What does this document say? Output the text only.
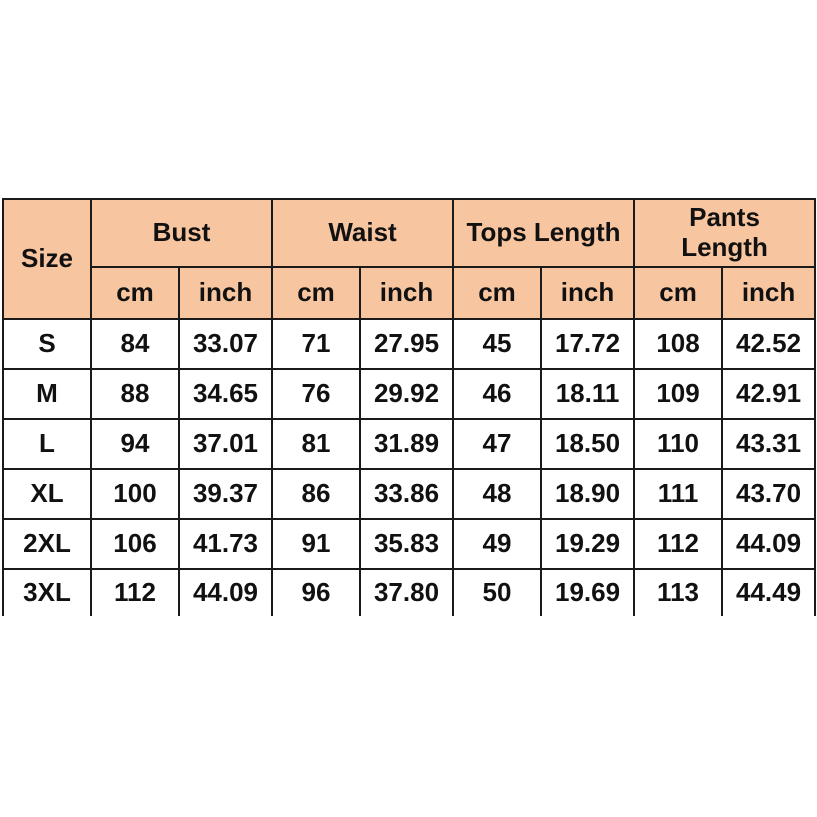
Size	Bust		Waist		Tops Length		Pants Length	
	cm	inch	cm	inch	cm	inch	cm	inch
S	84	33.07	71	27.95	45	17.72	108	42.52
M	88	34.65	76	29.92	46	18.11	109	42.91
L	94	37.01	81	31.89	47	18.50	110	43.31
XL	100	39.37	86	33.86	48	18.90	111	43.70
2XL	106	41.73	91	35.83	49	19.29	112	44.09
3XL	112	44.09	96	37.80	50	19.69	113	44.49
